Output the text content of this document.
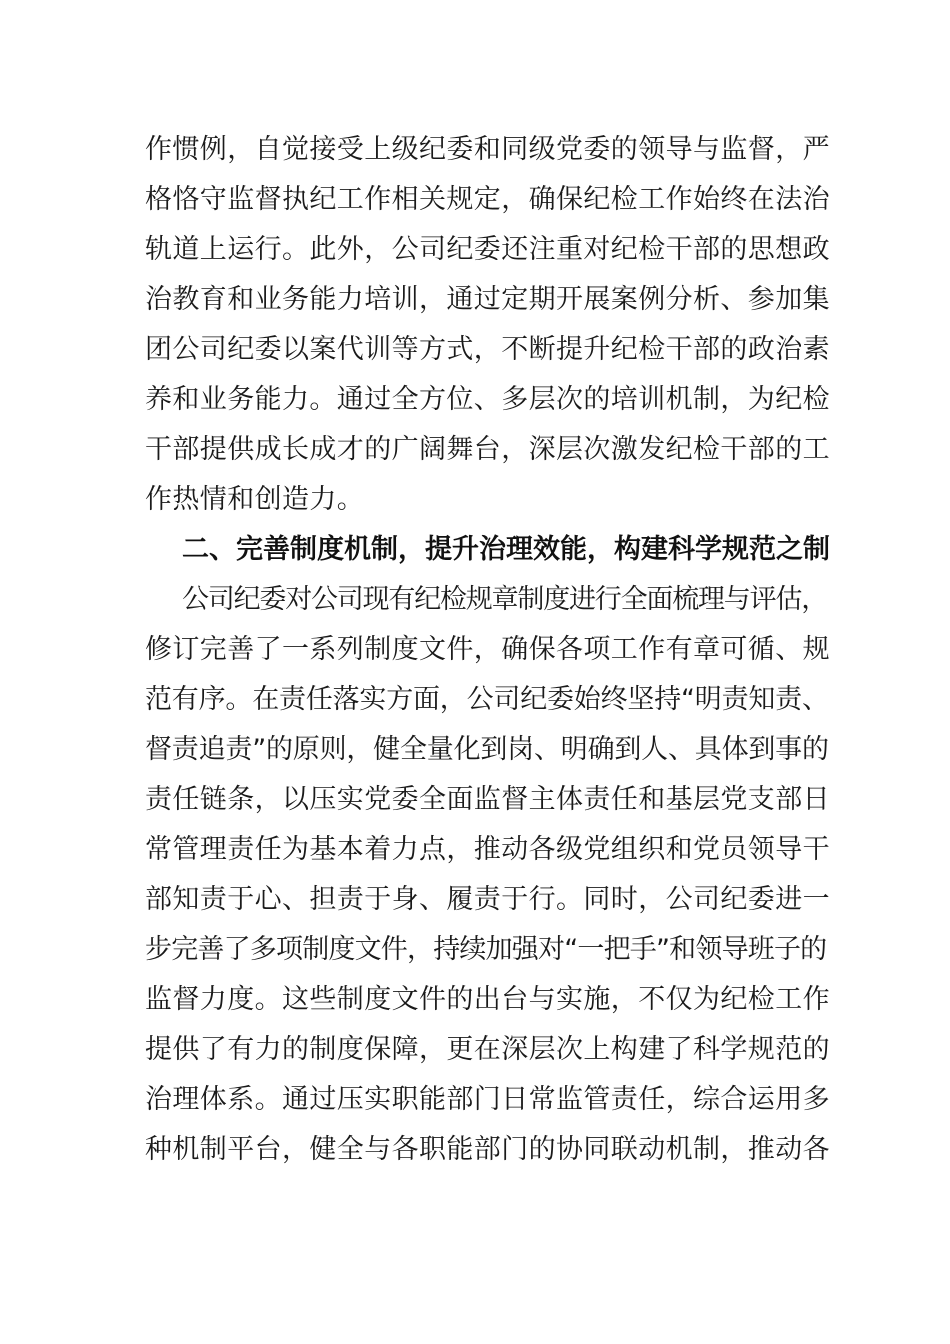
作惯例，自觉接受上级纪委和同级党委的领导与监督，严
格恪守监督执纪工作相关规定，确保纪检工作始终在法治
轨道上运行。此外，公司纪委还注重对纪检干部的思想政
治教育和业务能力培训，通过定期开展案例分析、参加集
团公司纪委以案代训等方式，不断提升纪检干部的政治素
养和业务能力。通过全方位、多层次的培训机制，为纪检
干部提供成长成才的广阔舞台，深层次激发纪检干部的工
作热情和创造力。
二、完善制度机制，提升治理效能，构建科学规范之制
公司纪委对公司现有纪检规章制度进行全面梳理与评估，
修订完善了一系列制度文件，确保各项工作有章可循、规
范有序。在责任落实方面，公司纪委始终坚持“明责知责、
督责追责”的原则，健全量化到岗、明确到人、具体到事的
责任链条，以压实党委全面监督主体责任和基层党支部日
常管理责任为基本着力点，推动各级党组织和党员领导干
部知责于心、担责于身、履责于行。同时，公司纪委进一
步完善了多项制度文件，持续加强对“一把手”和领导班子的
监督力度。这些制度文件的出台与实施，不仅为纪检工作
提供了有力的制度保障，更在深层次上构建了科学规范的
治理体系。通过压实职能部门日常监管责任，综合运用多
种机制平台，健全与各职能部门的协同联动机制，推动各
